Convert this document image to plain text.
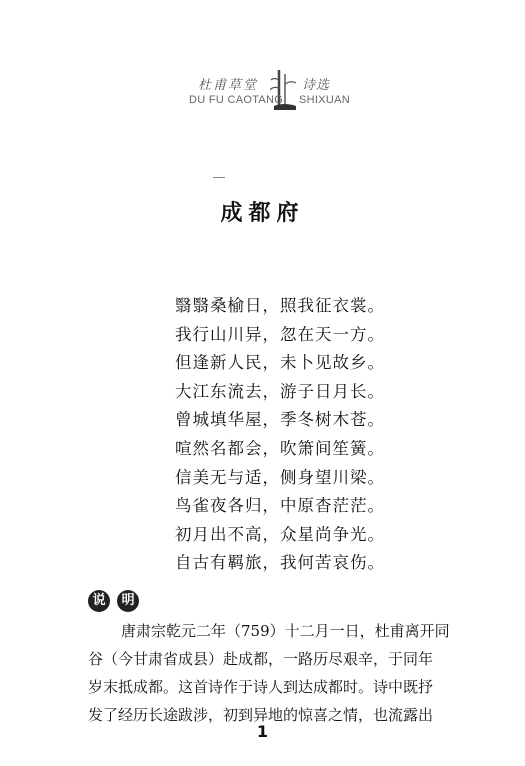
杜甫草堂	诗选
DU FU CAOTANG SHIXUAN
成都府
翳翳桑榆日，照我征衣裳。
我行山川异，忽在天一方。
但逢新人民，未卜见故乡。
大江东流去，游子日月长。
曾城填华屋，季冬树木苍。
喧然名都会，吹箫间笙簧。
信美无与适，侧身望川梁。
鸟雀夜各归，中原杳茫茫。
初月出不高，众星尚争光。
自古有羁旅，我何苦哀伤。
说 明
唐肃宗乾元二年（759）十二月一日，杜甫离开同
谷（今甘肃省成县）赴成都，一路历尽艰辛，于同年
岁末抵成都。这首诗作于诗人到达成都时。诗中既抒
发了经历长途跋涉，初到异地的惊喜之情，也流露出
1
